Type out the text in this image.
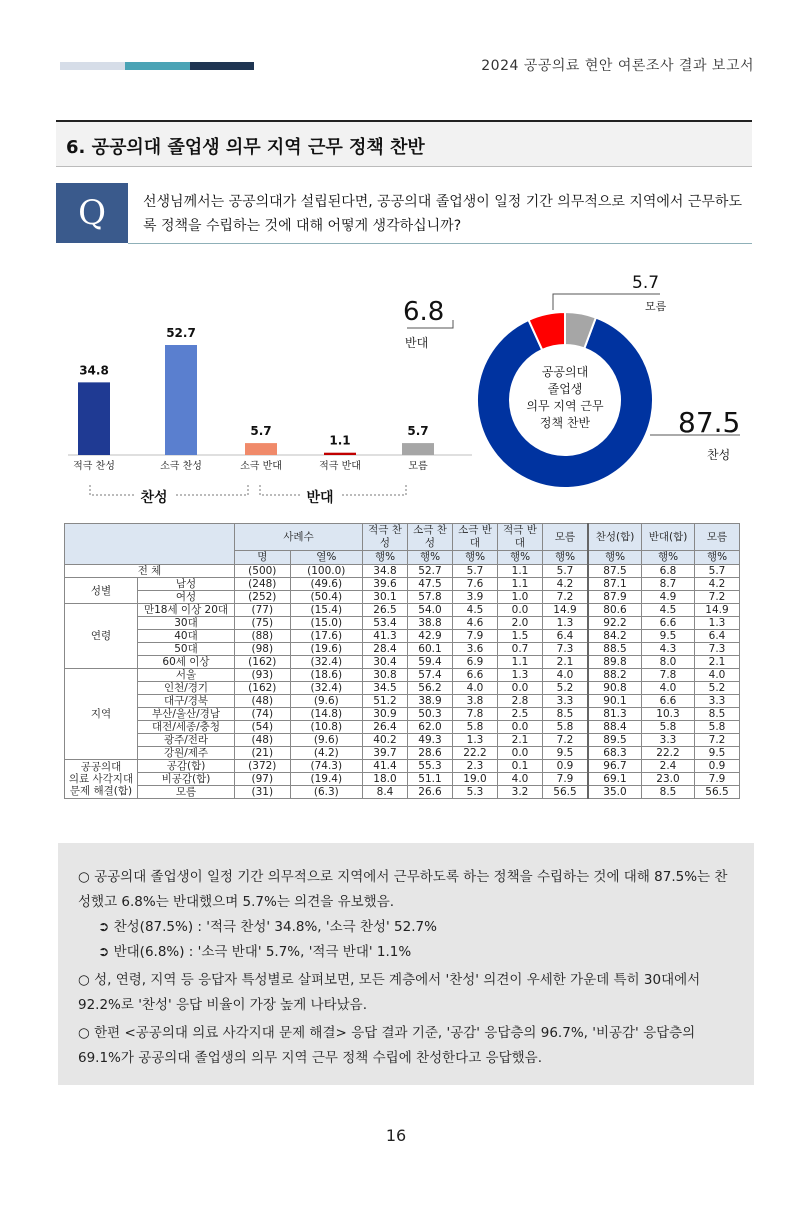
2024 공공의료 현안 여론조사 결과 보고서
6. 공공의대 졸업생 의무 지역 근무 정책 찬반
Q	선생님께서는 공공의대가 설립된다면, 공공의대 졸업생이 일정 기간 의무적으로 지역에서 근무하도록 정책을 수립하는 것에 대해 어떻게 생각하십니까?
찬성	반대
34.8
적극 찬성
52.7
소극 찬성
5.7
소극 반대
1.1
적극 반대
5.7
모름
공공의대
졸업생
의무 지역 근무
정책 찬반
6.8
반대
5.7
모름
87.5
찬성
		사례수		적극 찬성	소극 찬성	소극 반대	적극 반대	모름	찬성(합)	반대(합)	모름
		명	열%	행%	행%	행%	행%	행%	행%	행%	행%
전 체		(500)	(100.0)	34.8	52.7	5.7	1.1	5.7	87.5	6.8	5.7
성별	남성	(248)	(49.6)	39.6	47.5	7.6	1.1	4.2	87.1	8.7	4.2
	여성	(252)	(50.4)	30.1	57.8	3.9	1.0	7.2	87.9	4.9	7.2
연령	만18세 이상 20대	(77)	(15.4)	26.5	54.0	4.5	0.0	14.9	80.6	4.5	14.9
	30대	(75)	(15.0)	53.4	38.8	4.6	2.0	1.3	92.2	6.6	1.3
	40대	(88)	(17.6)	41.3	42.9	7.9	1.5	6.4	84.2	9.5	6.4
	50대	(98)	(19.6)	28.4	60.1	3.6	0.7	7.3	88.5	4.3	7.3
	60세 이상	(162)	(32.4)	30.4	59.4	6.9	1.1	2.1	89.8	8.0	2.1
지역	서울	(93)	(18.6)	30.8	57.4	6.6	1.3	4.0	88.2	7.8	4.0
	인천/경기	(162)	(32.4)	34.5	56.2	4.0	0.0	5.2	90.8	4.0	5.2
	대구/경북	(48)	(9.6)	51.2	38.9	3.8	2.8	3.3	90.1	6.6	3.3
	부산/울산/경남	(74)	(14.8)	30.9	50.3	7.8	2.5	8.5	81.3	10.3	8.5
	대전/세종/충청	(54)	(10.8)	26.4	62.0	5.8	0.0	5.8	88.4	5.8	5.8
	광주/전라	(48)	(9.6)	40.2	49.3	1.3	2.1	7.2	89.5	3.3	7.2
	강원/제주	(21)	(4.2)	39.7	28.6	22.2	0.0	9.5	68.3	22.2	9.5

공공의대
의료 사각지대
문제 해결(합)	공감(합)	(372)	(74.3)	41.4	55.3	2.3	0.1	0.9	96.7	2.4	0.9
	비공감(합)	(97)	(19.4)	18.0	51.1	19.0	4.0	7.9	69.1	23.0	7.9
	모름	(31)	(6.3)	8.4	26.6	5.3	3.2	56.5	35.0	8.5	56.5

○ 공공의대 졸업생이 일정 기간 의무적으로 지역에서 근무하도록 하는 정책을 수립하는 것에 대해 87.5%는 찬성했고 6.8%는 반대했으며 5.7%는 의견을 유보했음.

➲ 찬성(87.5%) : '적극 찬성' 34.8%, '소극 찬성' 52.7%

➲ 반대(6.8%) : '소극 반대' 5.7%, '적극 반대' 1.1%

○ 성, 연령, 지역 등 응답자 특성별로 살펴보면, 모든 계층에서 '찬성' 의견이 우세한 가운데 특히 30대에서 92.2%로 '찬성' 응답 비율이 가장 높게 나타났음.

○ 한편 <공공의대 의료 사각지대 문제 해결> 응답 결과 기준, '공감' 응답층의 96.7%, '비공감' 응답층의 69.1%가 공공의대 졸업생의 의무 지역 근무 정책 수립에 찬성한다고 응답했음.

16
